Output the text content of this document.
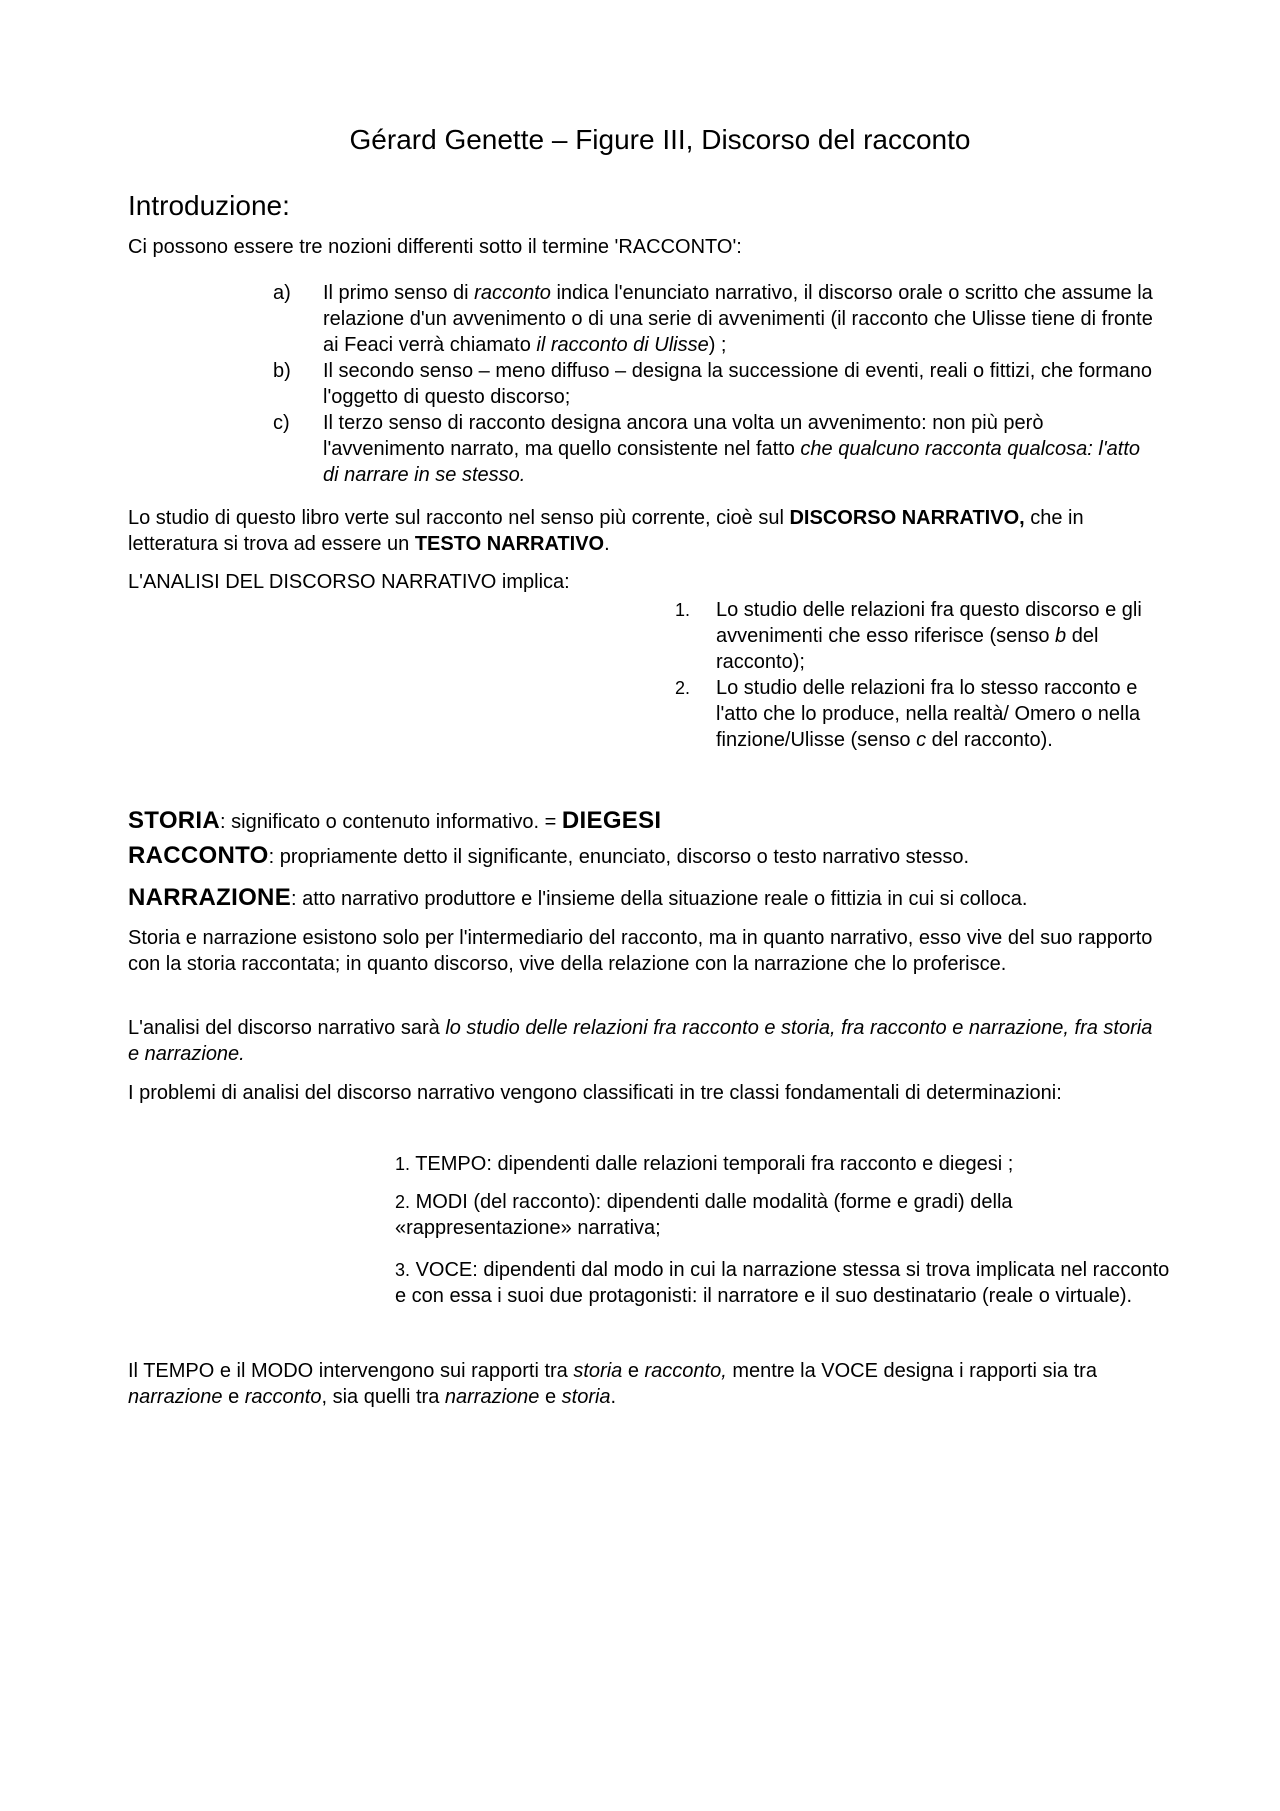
Gérard Genette – Figure III, Discorso del racconto
Introduzione:
Ci possono essere tre nozioni differenti sotto il termine 'RACCONTO':
a)	Il primo senso di racconto indica l'enunciato narrativo, il discorso orale o scritto che assume la relazione d'un avvenimento o di una serie di avvenimenti (il racconto che Ulisse tiene di fronte ai Feaci verrà chiamato il racconto di Ulisse) ;
b)	Il secondo senso – meno diffuso – designa la successione di eventi, reali o fittizi, che formano l'oggetto di questo discorso;
c)	Il terzo senso di racconto designa ancora una volta un avvenimento: non più però l'avvenimento narrato, ma quello consistente nel fatto che qualcuno racconta qualcosa: l'atto di narrare in se stesso.
Lo studio di questo libro verte sul racconto nel senso più corrente, cioè sul DISCORSO NARRATIVO, che in letteratura si trova ad essere un TESTO NARRATIVO.
L'ANALISI DEL DISCORSO NARRATIVO implica:
1. Lo studio delle relazioni fra questo discorso e gli avvenimenti che esso riferisce (senso b del racconto);
2. Lo studio delle relazioni fra lo stesso racconto e l'atto che lo produce, nella realtà/ Omero o nella finzione/Ulisse (senso c del racconto).
STORIA: significato o contenuto informativo. = DIEGESI
RACCONTO: propriamente detto il significante, enunciato, discorso o testo narrativo stesso.
NARRAZIONE: atto narrativo produttore e l'insieme della situazione reale o fittizia in cui si colloca.
Storia e narrazione esistono solo per l'intermediario del racconto, ma in quanto narrativo, esso vive del suo rapporto con la storia raccontata; in quanto discorso, vive della relazione con la narrazione che lo proferisce.
L'analisi del discorso narrativo sarà lo studio delle relazioni fra racconto e storia, fra racconto e narrazione, fra storia e narrazione.
I problemi di analisi del discorso narrativo vengono classificati in tre classi fondamentali di determinazioni:
1. TEMPO: dipendenti dalle relazioni temporali fra racconto e diegesi ;
2. MODI (del racconto): dipendenti dalle modalità (forme e gradi) della «rappresentazione» narrativa;
3. VOCE: dipendenti dal modo in cui la narrazione stessa si trova implicata nel racconto e con essa i suoi due protagonisti: il narratore e il suo destinatario (reale o virtuale).
Il TEMPO e il MODO intervengono sui rapporti tra storia e racconto, mentre la VOCE designa i rapporti sia tra narrazione e racconto, sia quelli tra narrazione e storia.
